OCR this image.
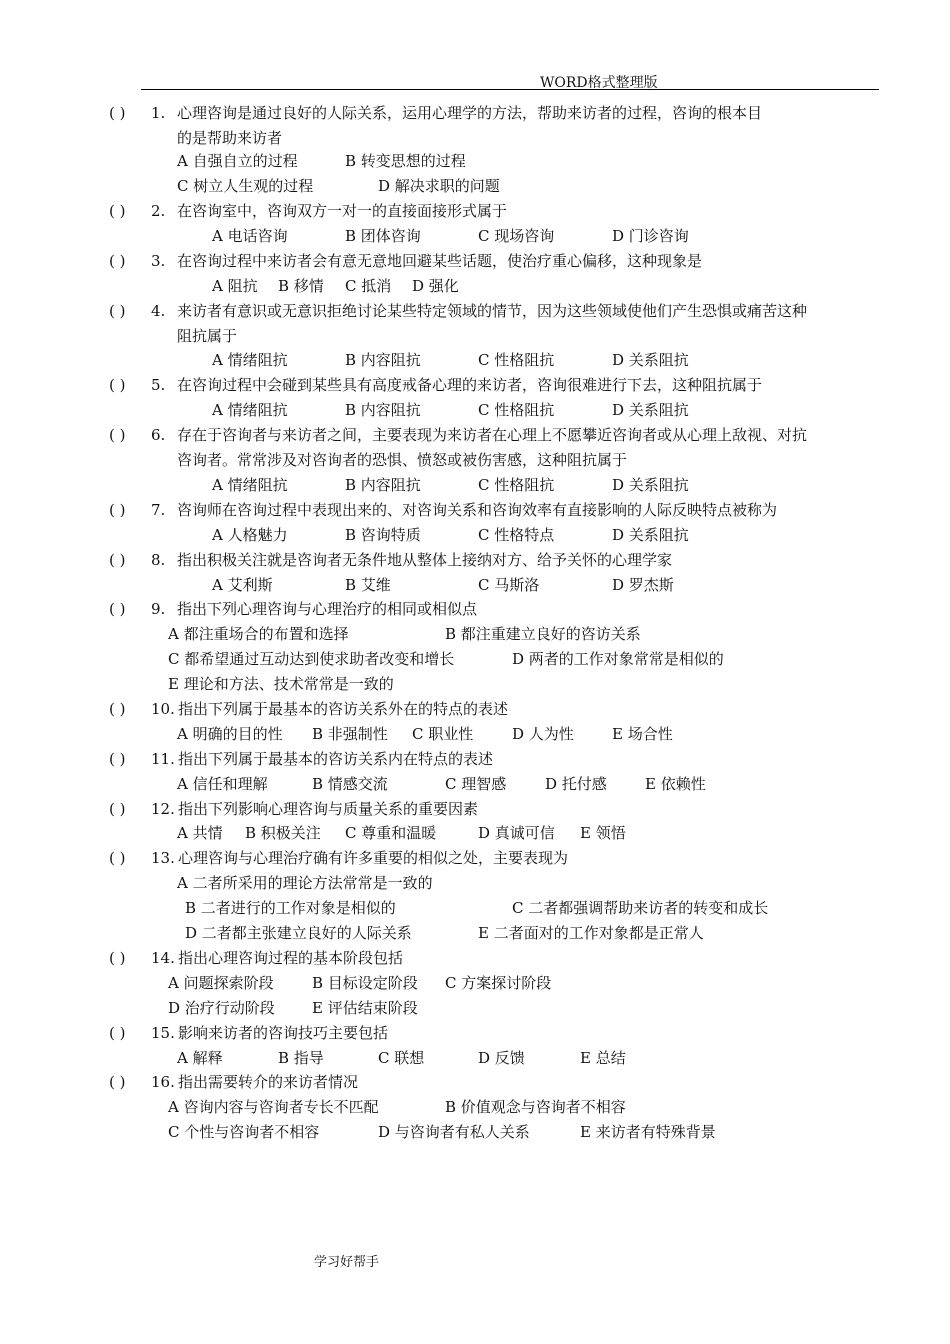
WORD格式整理版
( ) 1. 心理咨询是通过良好的人际关系，运用心理学的方法，帮助来访者的过程，咨询的根本目
的是帮助来访者
A 自强自立的过程	B 转变思想的过程
C 树立人生观的过程	D 解决求职的问题
( ) 2. 在咨询室中，咨询双方一对一的直接面接形式属于
A 电话咨询	B 团体咨询	C 现场咨询	D 门诊咨询
( ) 3. 在咨询过程中来访者会有意无意地回避某些话题，使治疗重心偏移，这种现象是
A 阻抗 B 移情 C 抵消 D 强化
( ) 4. 来访者有意识或无意识拒绝讨论某些特定领域的情节，因为这些领域使他们产生恐惧或痛苦这种
阻抗属于
A 情绪阻抗	B 内容阻抗	C 性格阻抗	D 关系阻抗
( ) 5. 在咨询过程中会碰到某些具有高度戒备心理的来访者，咨询很难进行下去，这种阻抗属于
A 情绪阻抗	B 内容阻抗	C 性格阻抗	D 关系阻抗
( ) 6. 存在于咨询者与来访者之间，主要表现为来访者在心理上不愿攀近咨询者或从心理上敌视、对抗
咨询者。常常涉及对咨询者的恐惧、愤怒或被伤害感，这种阻抗属于
A 情绪阻抗	B 内容阻抗	C 性格阻抗	D 关系阻抗
( ) 7. 咨询师在咨询过程中表现出来的、对咨询关系和咨询效率有直接影响的人际反映特点被称为
A 人格魅力	B 咨询特质	C 性格特点	D 关系阻抗
( ) 8. 指出积极关注就是咨询者无条件地从整体上接纳对方、给予关怀的心理学家
A 艾利斯	B 艾维	C 马斯洛	D 罗杰斯
( ) 9. 指出下列心理咨询与心理治疗的相同或相似点
A 都注重场合的布置和选择	B 都注重建立良好的咨访关系
C 都希望通过互动达到使求助者改变和增长	D 两者的工作对象常常是相似的
E 理论和方法、技术常常是一致的
( ) 10. 指出下列属于最基本的咨访关系外在的特点的表述
A 明确的目的性 B 非强制性 C 职业性	D 人为性	E 场合性
( ) 11. 指出下列属于最基本的咨访关系内在特点的表述
A 信任和理解	B 情感交流	C 理智感	D 托付感	E 依赖性
( ) 12. 指出下列影响心理咨询与质量关系的重要因素
A 共情 B 积极关注 C 尊重和温暖	D 真诚可信 E 领悟
( ) 13. 心理咨询与心理治疗确有许多重要的相似之处，主要表现为
A 二者所采用的理论方法常常是一致的
B 二者进行的工作对象是相似的	C 二者都强调帮助来访者的转变和成长
D 二者都主张建立良好的人际关系	E 二者面对的工作对象都是正常人
( ) 14. 指出心理咨询过程的基本阶段包括
A 问题探索阶段	B 目标设定阶段 C 方案探讨阶段
D 治疗行动阶段 E 评估结束阶段
( ) 15. 影响来访者的咨询技巧主要包括
A 解释	B 指导	C 联想	D 反馈	E 总结
( ) 16. 指出需要转介的来访者情况
A 咨询内容与咨询者专长不匹配	B 价值观念与咨询者不相容
C 个性与咨询者不相容	D 与咨询者有私人关系	E 来访者有特殊背景
学习好帮手
